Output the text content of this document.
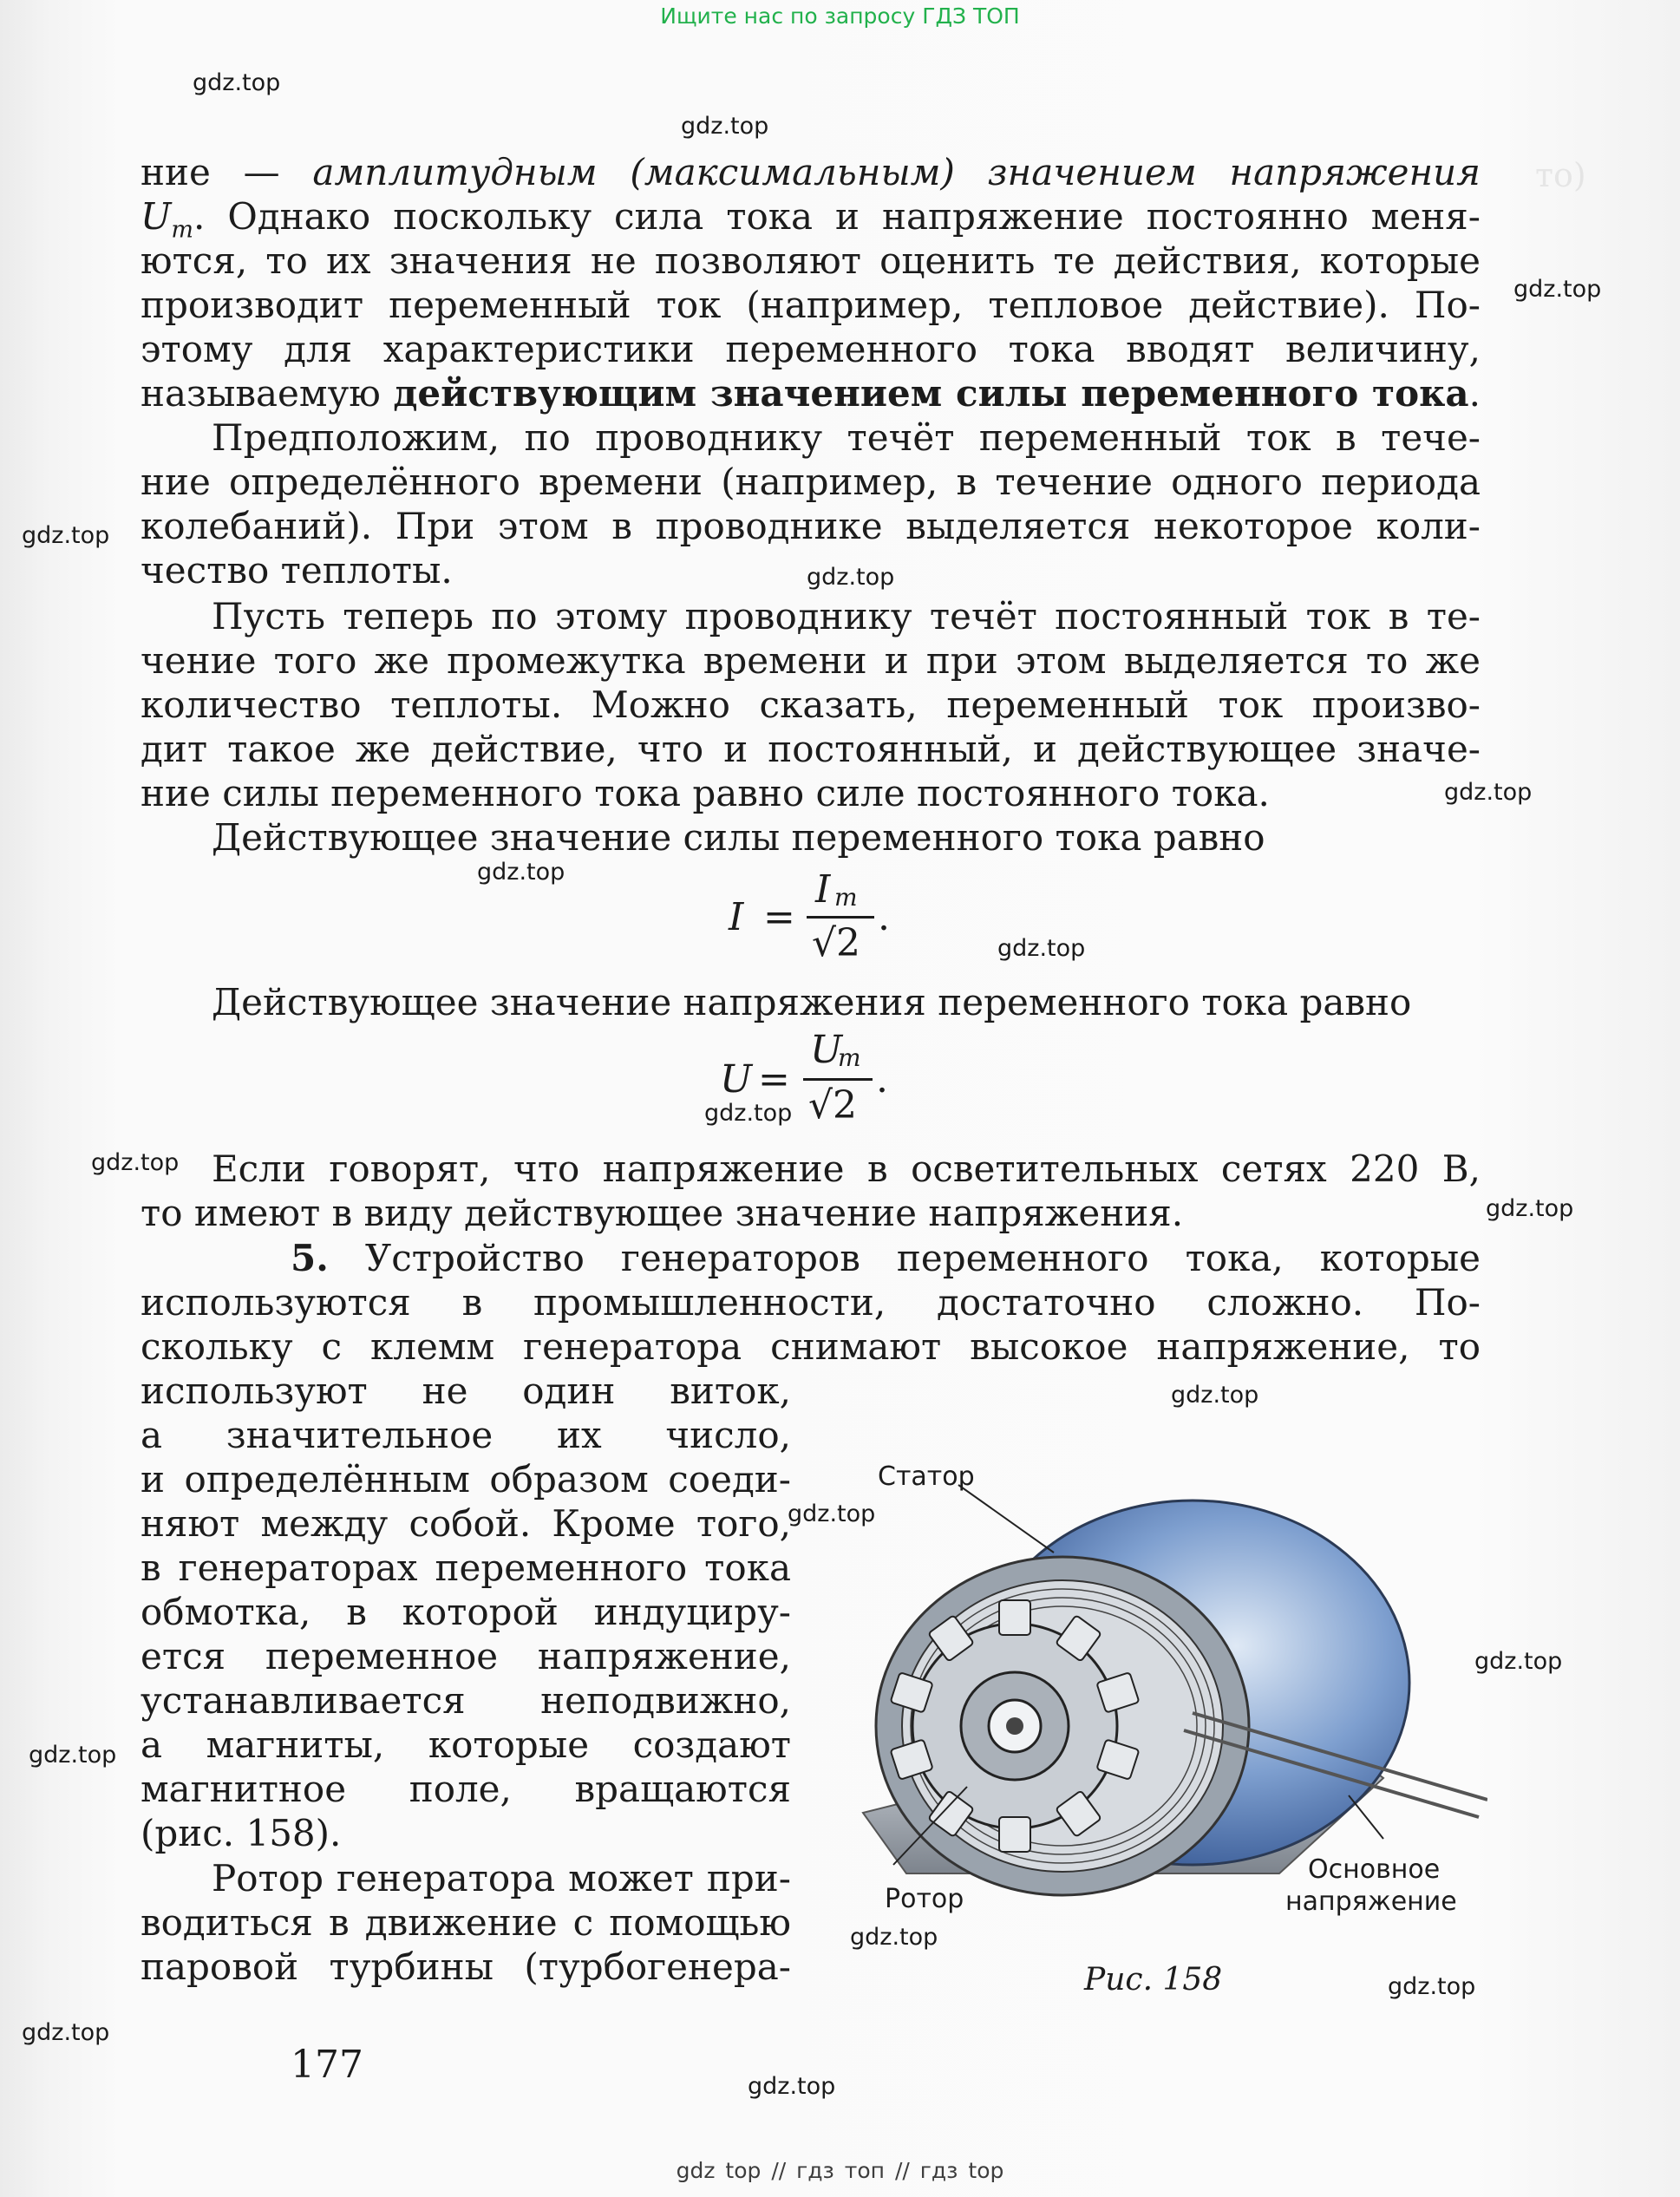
то)
Ищите нас по запросу ГДЗ ТОП
gdz.top
gdz.top
gdz.top
gdz.top
gdz.top
gdz.top
gdz.top
gdz.top
gdz.top
gdz.top
gdz.top
gdz.top
gdz.top
gdz.top
gdz.top
gdz.top
gdz.top
gdz.top
gdz.top
ние — амплитудным (максимальным) значением напряжения
$U_m$. Однако поскольку сила тока и напряжение постоянно меня-
ются, то их значения не позволяют оценить те действия, которые
производит переменный ток (например, тепловое действие). По-
этому для характеристики переменного тока вводят величину,
называемую действующим значением силы переменного тока.
Предположим, по проводнику течёт переменный ток в тече-
ние определённого времени (например, в течение одного периода
колебаний). При этом в проводнике выделяется некоторое коли-
чество теплоты.
Пусть теперь по этому проводнику течёт постоянный ток в те-
чение того же промежутка времени и при этом выделяется то же
количество теплоты. Можно сказать, переменный ток произво-
дит такое же действие, что и постоянный, и действующее значе-
ние силы переменного тока равно силе постоянного тока.
Действующее значение силы переменного тока равно
I =
I m
√2
.
Действующее значение напряжения переменного тока равно
U =
U
m
√2
.
Если говорят, что напряжение в осветительных сетях 220 В,
то имеют в виду действующее значение напряжения.
5. Устройство генераторов переменного тока, которые
используются в промышленности, достаточно сложно. По-
скольку с клемм генератора снимают высокое напряжение, то
используют не один виток,
а значительное их число,
и определённым образом соеди-
няют между собой. Кроме того,
в генераторах переменного тока
обмотка, в которой индуциру-
ется переменное напряжение,
устанавливается неподвижно,
а магниты, которые создают
магнитное поле, вращаются
(рис. 158).
Ротор генератора может при-
водиться в движение с помощью
паровой турбины (турбогенера-
Статор
Ротор
Основное
напряжение
Рис. 158
177
gdz top // гдз топ // гдз top
